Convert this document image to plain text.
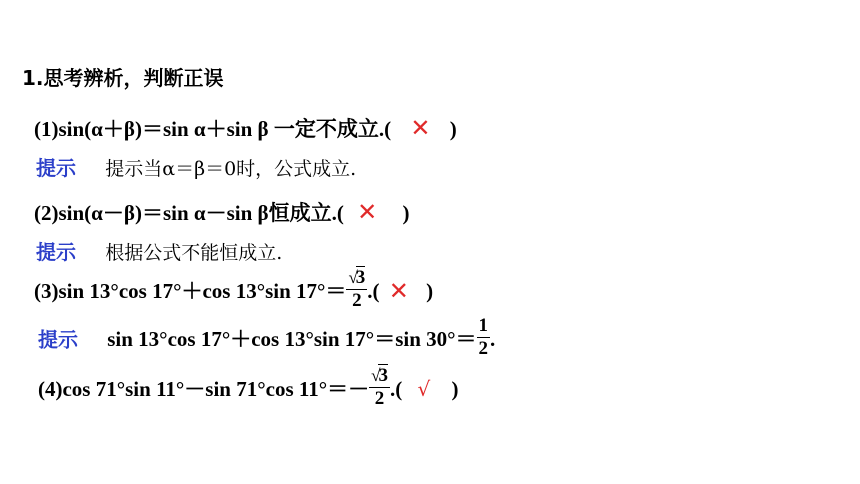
1.思考辨析，判断正误
(1)sin(α＋β)＝sin α＋sin β 一定不成立.( ✕ )
提示 提示当α＝β＝0时，公式成立.
(2)sin(α－β)＝sin α－sin β恒成立.( ✕ )
提示 根据公式不能恒成立.
(3)sin 13°cos 17°＋cos 13°sin $17^\circ= \frac{√3}{2}$ .( ✕ )
提示 sin 13°cos 17°＋cos 13°sin 17°＝sin $30^\circ= \frac{1}{2}$ .
(4)cos 71°sin 11°－sin 71°cos $11^\circ=- \frac{√3}{2}$ .( √ )
